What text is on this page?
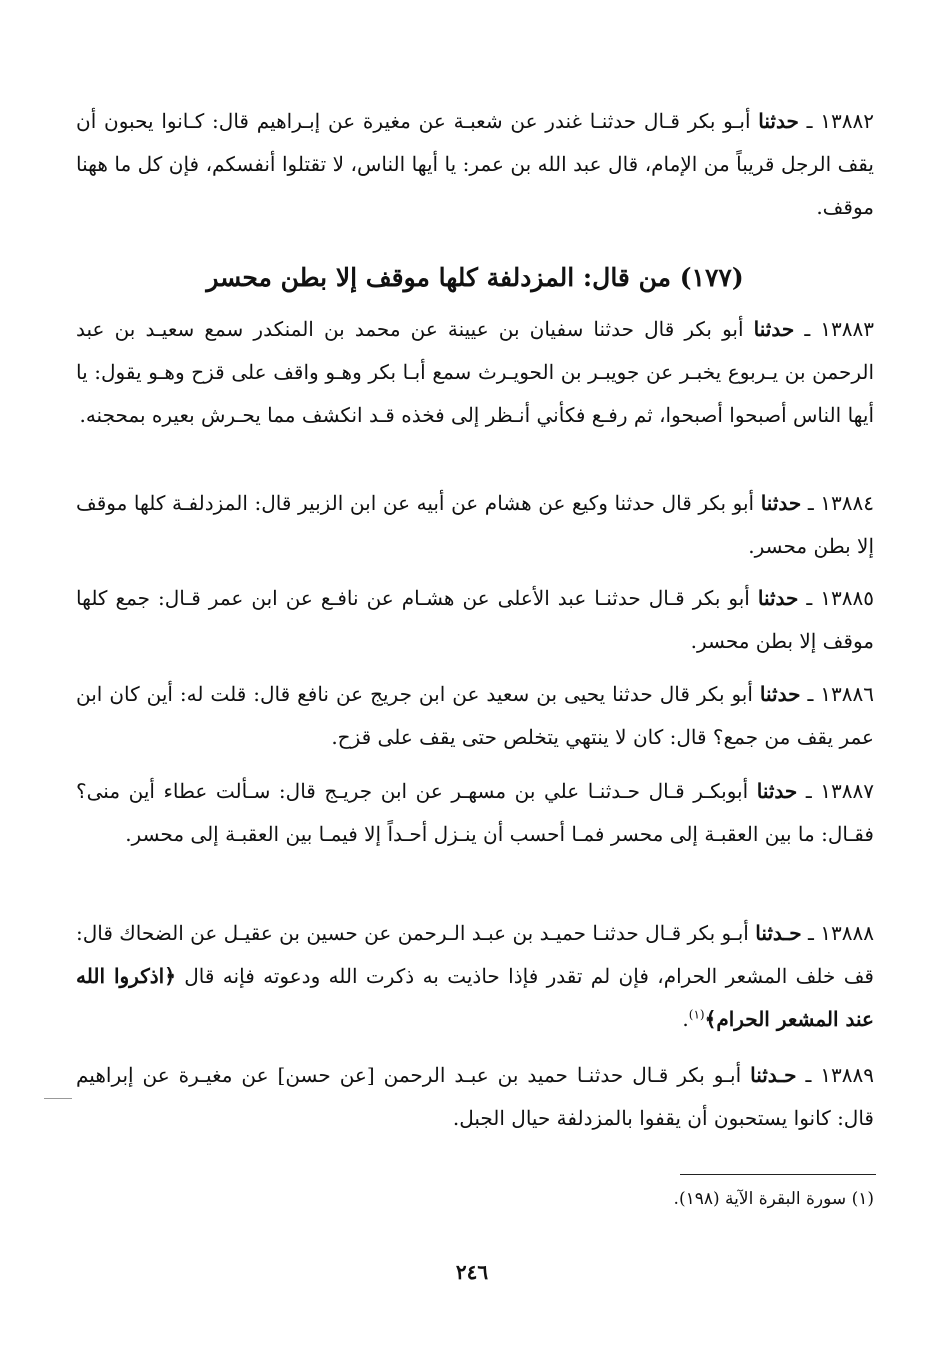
١٣٨٨٢ ـ حدثنا أبـو بكر قـال حدثنـا غندر عن شعبـة عن مغيرة عن إبـراهيم قال: كـانوا يحبون أن يقف الرجل قريباً من الإمام، قال عبد الله بن عمر: يا أيها الناس، لا تقتلوا أنفسكم، فإن كل ما ههنا موقف.
(١٧٧) من قال: المزدلفة كلها موقف إلا بطن محسر
١٣٨٨٣ ـ حدثنا أبو بكر قال حدثنا سفيان بن عيينة عن محمد بن المنكدر سمع سعيـد بن عبد الرحمن بن يـربوع يخبـر عن جويبـر بن الحويـرث سمع أبـا بكر وهـو واقف على قزح وهـو يقول: يا أيها الناس أصبحوا أصبحوا، ثم رفـع فكأني أنـظر إلى فخذه قـد انكشف مما يحـرش بعيره بمحجنه.
١٣٨٨٤ ـ حدثنا أبو بكر قال حدثنا وكيع عن هشام عن أبيه عن ابن الزبير قال: المزدلفـة كلها موقف إلا بطن محسر.
١٣٨٨٥ ـ حدثنا أبو بكر قـال حدثنـا عبد الأعلى عن هشـام عن نافـع عن ابن عمر قـال: جمع كلها موقف إلا بطن محسر.
١٣٨٨٦ ـ حدثنا أبو بكر قال حدثنا يحيى بن سعيد عن ابن جريج عن نافع قال: قلت له: أين كان ابن عمر يقف من جمع؟ قال: كان لا ينتهي يتخلص حتى يقف على قزح.
١٣٨٨٧ ـ حدثنا أبوبكـر قـال حـدثنـا علي بن مسهـر عن ابن جريـج قال: سـألت عطاء أين منى؟ فقـال: ما بين العقبـة إلى محسر فمـا أحسب أن ينـزل أحـداً إلا فيمـا بين العقبـة إلى محسر.
١٣٨٨٨ ـ حـدثنا أبـو بكر قـال حدثنـا حميـد بن عبـد الـرحمن عن حسين بن عقيـل عن الضحاك قال: قف خلف المشعر الحرام، فإن لم تقدر فإذا حاذيت به ذكرت الله ودعوته فإنه قال ﴿اذكروا الله عند المشعر الحرام﴾$^{(١)}$.
١٣٨٨٩ ـ حـدثنا أبـو بكر قـال حدثنـا حميد بن عبـد الرحمن [عن حسن] عن مغيـرة عن إبراهيم قال: كانوا يستحبون أن يقفوا بالمزدلفة حيال الجبل.
(١) سورة البقرة الآية (١٩٨).
٢٤٦
